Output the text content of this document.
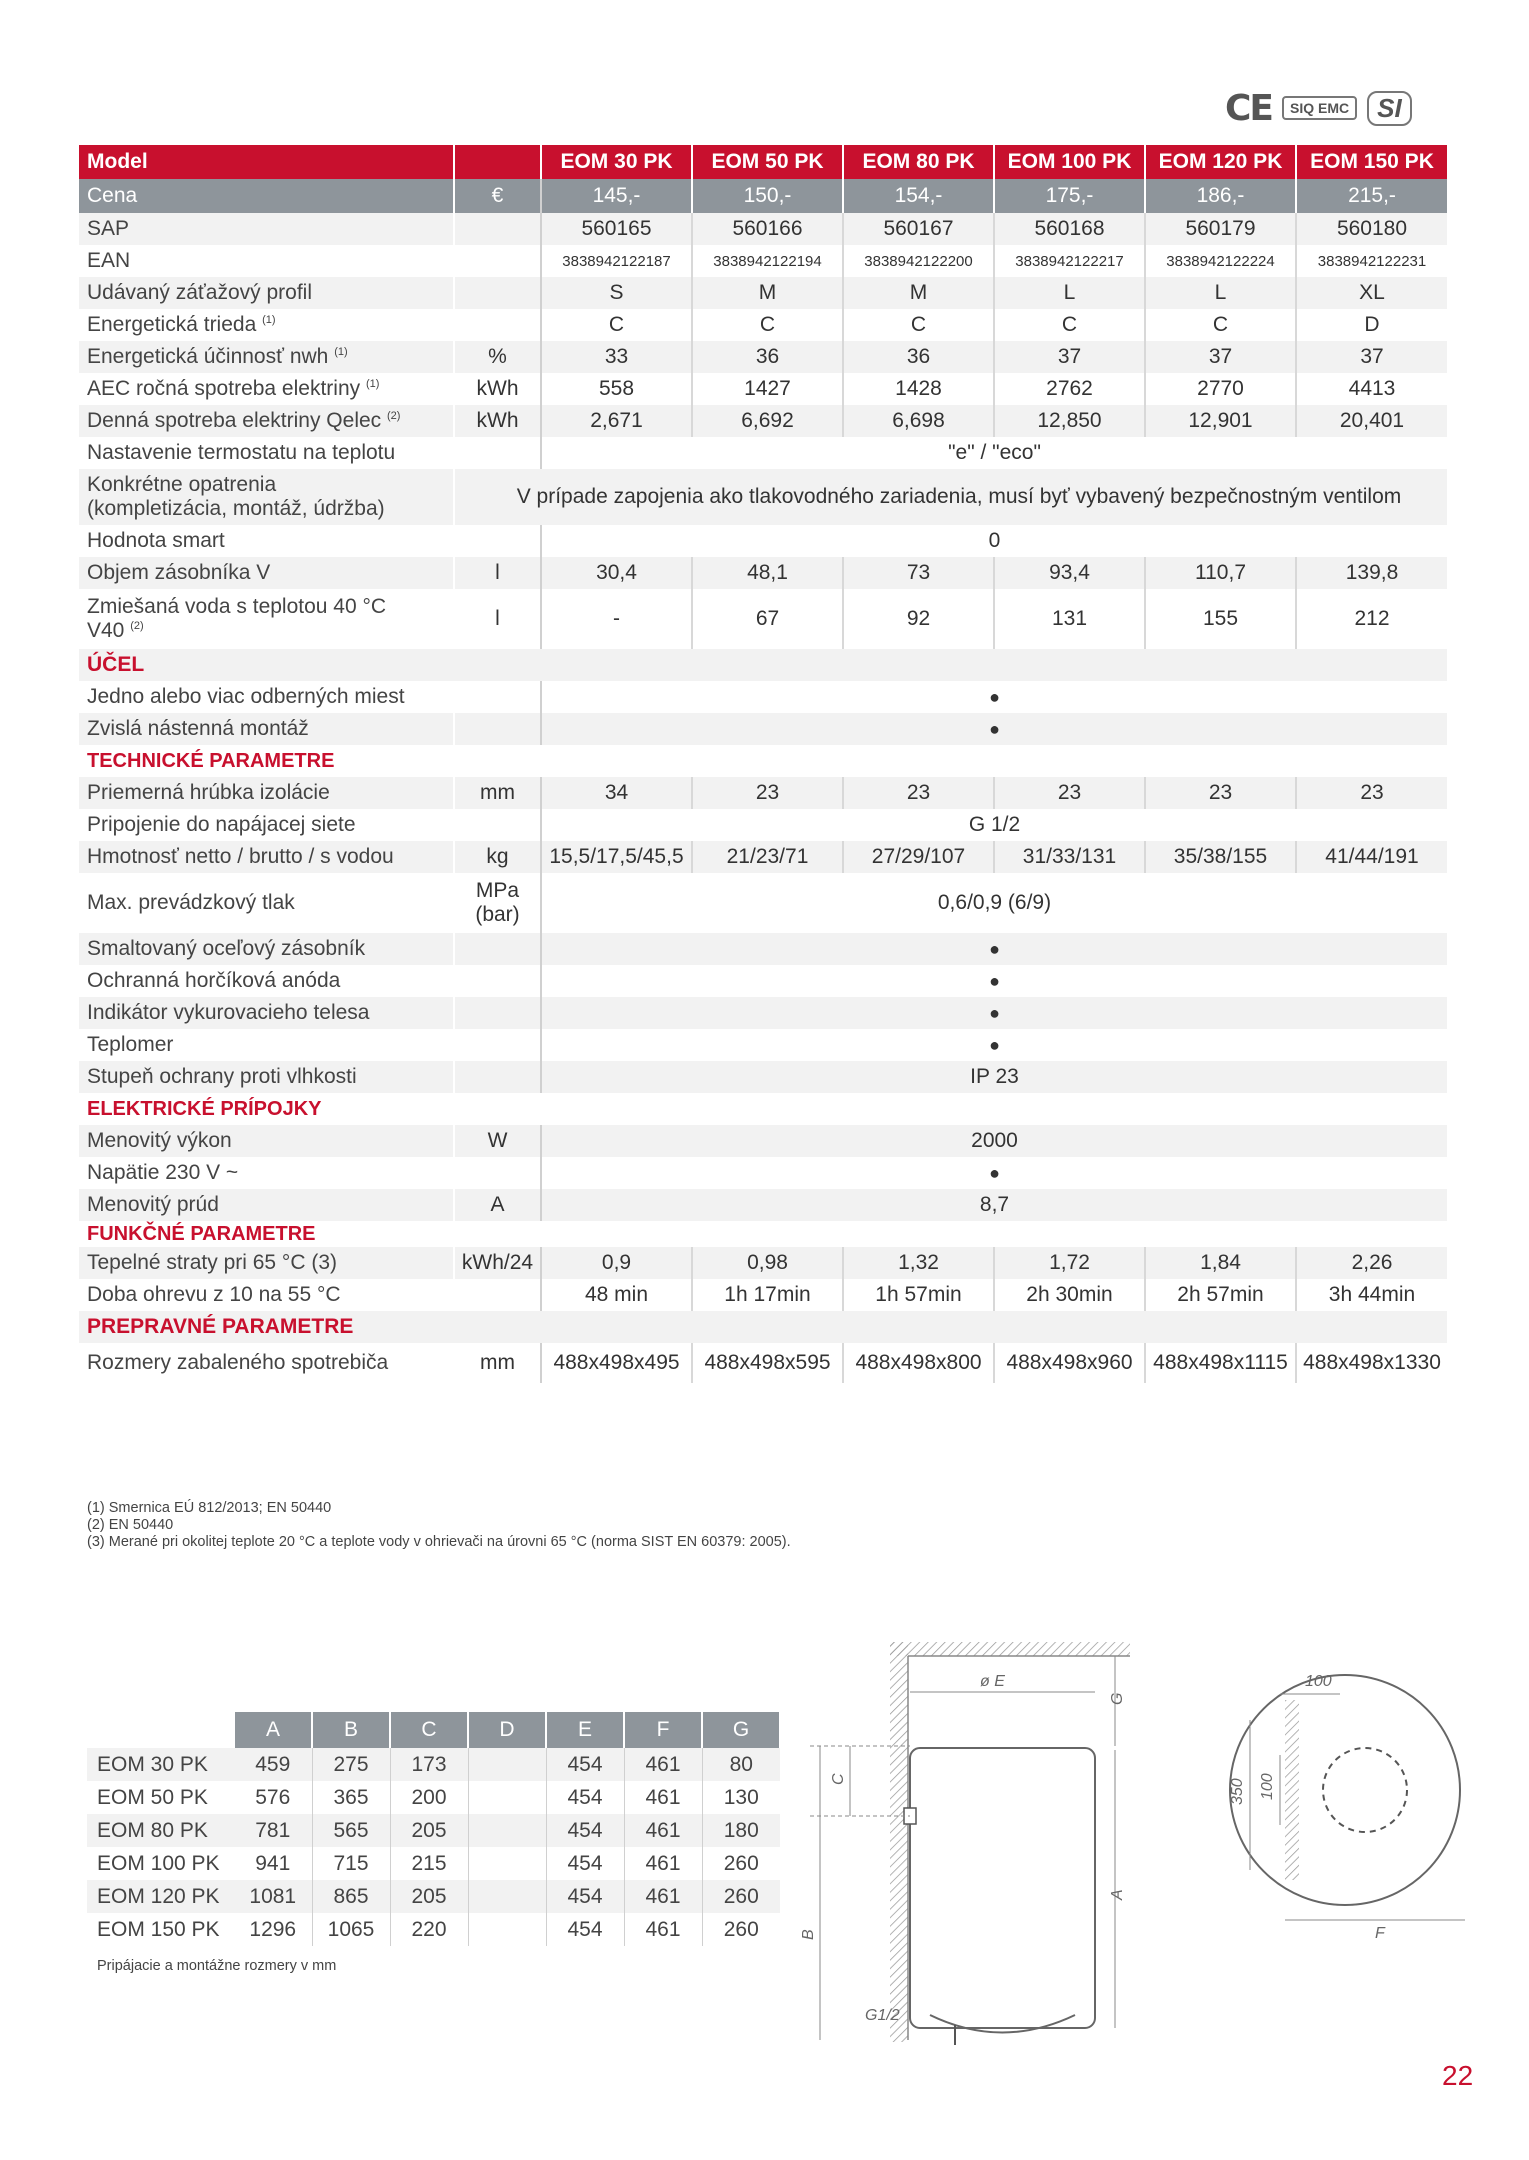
CE	SIQ EMC	SI
Model		EOM 30 PK	EOM 50 PK	EOM 80 PK	EOM 100 PK	EOM 120 PK	EOM 150 PK
Cena	€	145,-	150,-	154,-	175,-	186,-	215,-
SAP		560165	560166	560167	560168	560179	560180
EAN		3838942122187	3838942122194	3838942122200	3838942122217	3838942122224	3838942122231
Udávaný záťažový profil		S	M	M	L	L	XL
Energetická trieda $^{(1)}$		C	C	C	C	C	D
Energetická účinnosť nwh $^{(1)}$	%	33	36	36	37	37	37
AEC ročná spotreba elektriny $^{(1)}$	kWh	558	1427	1428	2762	2770	4413
Denná spotreba elektriny Qelec $^{(2)}$	kWh	2,671	6,692	6,698	12,850	12,901	20,401
Nastavenie termostatu na teplotu		"e" / "eco"					
Konkrétne opatrenia
(kompletizácia, montáž, údržba)	V prípade zapojenia ako tlakovodného zariadenia, musí byť vybavený bezpečnostným ventilom						
Hodnota smart		0					
Objem zásobníka V	l	30,4	48,1	73	93,4	110,7	139,8
Zmiešaná voda s teplotou 40 °C
V40 $^{(2)}$	l	-	67	92	131	155	212
ÚČEL							
Jedno alebo viac odberných miest		●					
Zvislá nástenná montáž		●					
TECHNICKÉ PARAMETRE							
Priemerná hrúbka izolácie	mm	34	23	23	23	23	23
Pripojenie do napájacej siete		G 1/2					
Hmotnosť netto / brutto / s vodou	kg	15,5/17,5/45,5	21/23/71	27/29/107	31/33/131	35/38/155	41/44/191
Max. prevádzkový tlak	MPa
(bar)	0,6/0,9 (6/9)					
Smaltovaný oceľový zásobník		●					
Ochranná horčíková anóda		●					
Indikátor vykurovacieho telesa		●					
Teplomer		●					
Stupeň ochrany proti vlhkosti		IP 23					
ELEKTRICKÉ PRÍPOJKY							
Menovitý výkon	W	2000					
Napätie 230 V ~		●					
Menovitý prúd	A	8,7					
FUNKČNÉ PARAMETRE							
Tepelné straty pri 65 °C (3)	kWh/24	0,9	0,98	1,32	1,72	1,84	2,26
Doba ohrevu z 10 na 55 °C		48 min	1h 17min	1h 57min	2h 30min	2h 57min	3h 44min
PREPRAVNÉ PARAMETRE							
Rozmery zabaleného spotrebiča	mm	488x498x495	488x498x595	488x498x800	488x498x960	488x498x1115	488x498x1330
(1) Smernica EÚ 812/2013; EN 50440
(2) EN 50440
(3) Merané pri okolitej teplote 20 °C a teplote vody v ohrievači na úrovni 65 °C (norma SIST EN 60379: 2005).
	A	B	C	D	E	F	G
EOM 30 PK	459	275	173		454	461	80
EOM 50 PK	576	365	200		454	461	130
EOM 80 PK	781	565	205		454	461	180
EOM 100 PK	941	715	215		454	461	260
EOM 120 PK	1081	865	205		454	461	260
EOM 150 PK	1296	1065	220		454	461	260
Pripájacie a montážne rozmery v mm
ø E
G
C
B
A
G1/2
100
350 100
F
22
